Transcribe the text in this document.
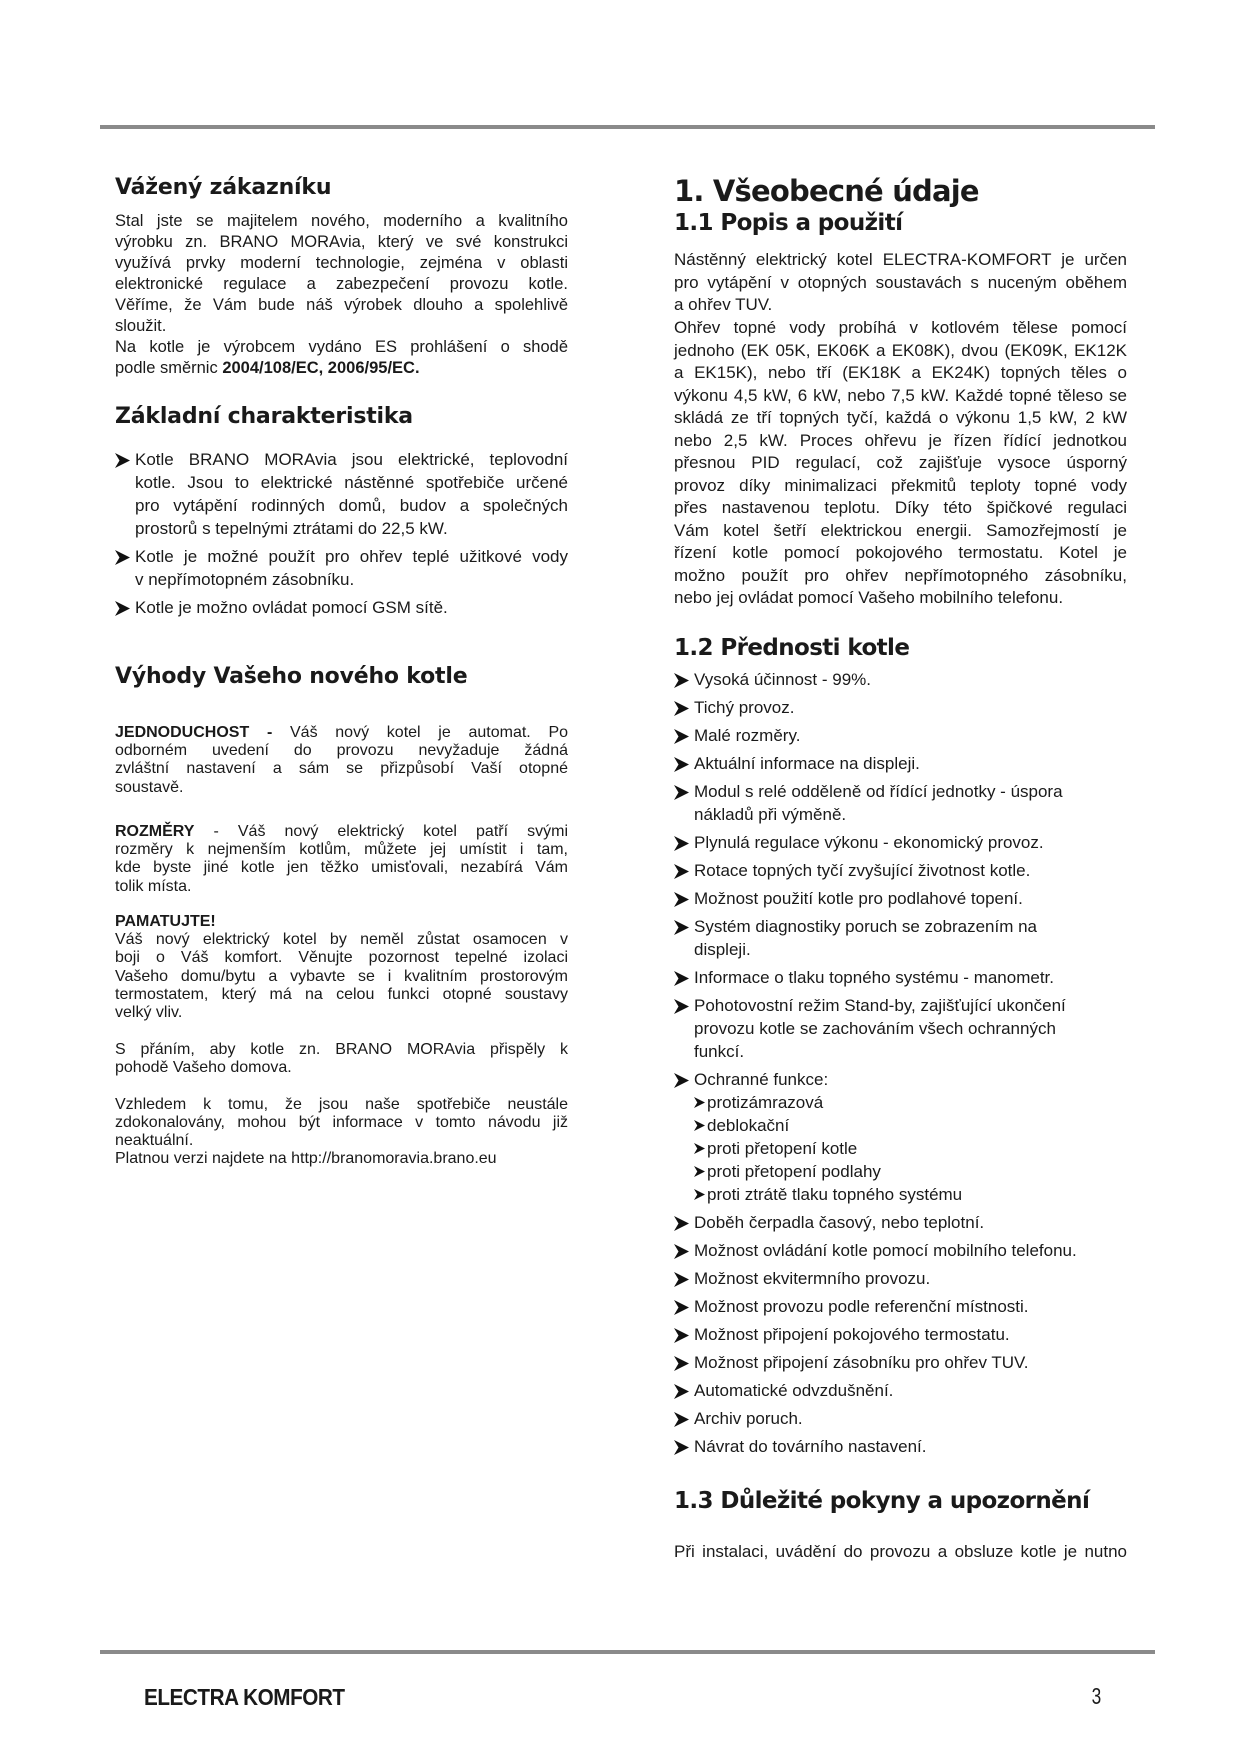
Vážený zákazníku
Stal jste se majitelem nového, moderního a kvalitního
výrobku zn. BRANO MORAvia, který ve své konstrukci
využívá prvky moderní technologie, zejména v oblasti
elektronické regulace a zabezpečení provozu kotle.
Věříme, že Vám bude náš výrobek dlouho a spolehlivě
sloužit.
Na kotle je výrobcem vydáno ES prohlášení o shodě
podle směrnic 2004/108/EC, 2006/95/EC.
Základní charakteristika
Kotle BRANO MORAvia jsou elektrické, teplovodní
kotle. Jsou to elektrické nástěnné spotřebiče určené
pro vytápění rodinných domů, budov a společných
prostorů s tepelnými ztrátami do 22,5 kW.
Kotle je možné použít pro ohřev teplé užitkové vody
v nepřímotopném zásobníku.
Kotle je možno ovládat pomocí GSM sítě.
Výhody Vašeho nového kotle
JEDNODUCHOST - Váš nový kotel je automat. Po
odborném uvedení do provozu nevyžaduje žádná
zvláštní nastavení a sám se přizpůsobí Vaší otopné
soustavě.
ROZMĚRY - Váš nový elektrický kotel patří svými
rozměry k nejmenším kotlům, můžete jej umístit i tam,
kde byste jiné kotle jen těžko umisťovali, nezabírá Vám
tolik místa.
PAMATUJTE!
Váš nový elektrický kotel by neměl zůstat osamocen v
boji o Váš komfort. Věnujte pozornost tepelné izolaci
Vašeho domu/bytu a vybavte se i kvalitním prostorovým
termostatem, který má na celou funkci otopné soustavy
velký vliv.
S přáním, aby kotle zn. BRANO MORAvia přispěly k
pohodě Vašeho domova.
Vzhledem k tomu, že jsou naše spotřebiče neustále
zdokonalovány, mohou být informace v tomto návodu již
neaktuální.
Platnou verzi najdete na http://branomoravia.brano.eu
1. Všeobecné údaje
1.1 Popis a použití
Nástěnný elektrický kotel ELECTRA-KOMFORT je určen
pro vytápění v otopných soustavách s nuceným oběhem
a ohřev TUV.
Ohřev topné vody probíhá v kotlovém tělese pomocí
jednoho (EK 05K, EK06K a EK08K), dvou (EK09K, EK12K
a EK15K), nebo tří (EK18K a EK24K) topných těles o
výkonu 4,5 kW, 6 kW, nebo 7,5 kW. Každé topné těleso se
skládá ze tří topných tyčí, každá o výkonu 1,5 kW, 2 kW
nebo 2,5 kW. Proces ohřevu je řízen řídící jednotkou
přesnou PID regulací, což zajišťuje vysoce úsporný
provoz díky minimalizaci překmitů teploty topné vody
přes nastavenou teplotu. Díky této špičkové regulaci
Vám kotel šetří elektrickou energii. Samozřejmostí je
řízení kotle pomocí pokojového termostatu. Kotel je
možno použít pro ohřev nepřímotopného zásobníku,
nebo jej ovládat pomocí Vašeho mobilního telefonu.
1.2 Přednosti kotle
Vysoká účinnost - 99%.
Tichý provoz.
Malé rozměry.
Aktuální informace na displeji.
Modul s relé odděleně od řídící jednotky - úspora
nákladů při výměně.
Plynulá regulace výkonu - ekonomický provoz.
Rotace topných tyčí zvyšující životnost kotle.
Možnost použití kotle pro podlahové topení.
Systém diagnostiky poruch se zobrazením na
displeji.
Informace o tlaku topného systému - manometr.
Pohotovostní režim Stand-by, zajišťující ukončení
provozu kotle se zachováním všech ochranných
funkcí.
Ochranné funkce:
protizámrazová
deblokační
proti přetopení kotle
proti přetopení podlahy
proti ztrátě tlaku topného systému
Doběh čerpadla časový, nebo teplotní.
Možnost ovládání kotle pomocí mobilního telefonu.
Možnost ekvitermního provozu.
Možnost provozu podle referenční místnosti.
Možnost připojení pokojového termostatu.
Možnost připojení zásobníku pro ohřev TUV.
Automatické odvzdušnění.
Archiv poruch.
Návrat do továrního nastavení.
1.3 Důležité pokyny a upozornění
Při instalaci, uvádění do provozu a obsluze kotle je nutno
ELECTRA KOMFORT	3
